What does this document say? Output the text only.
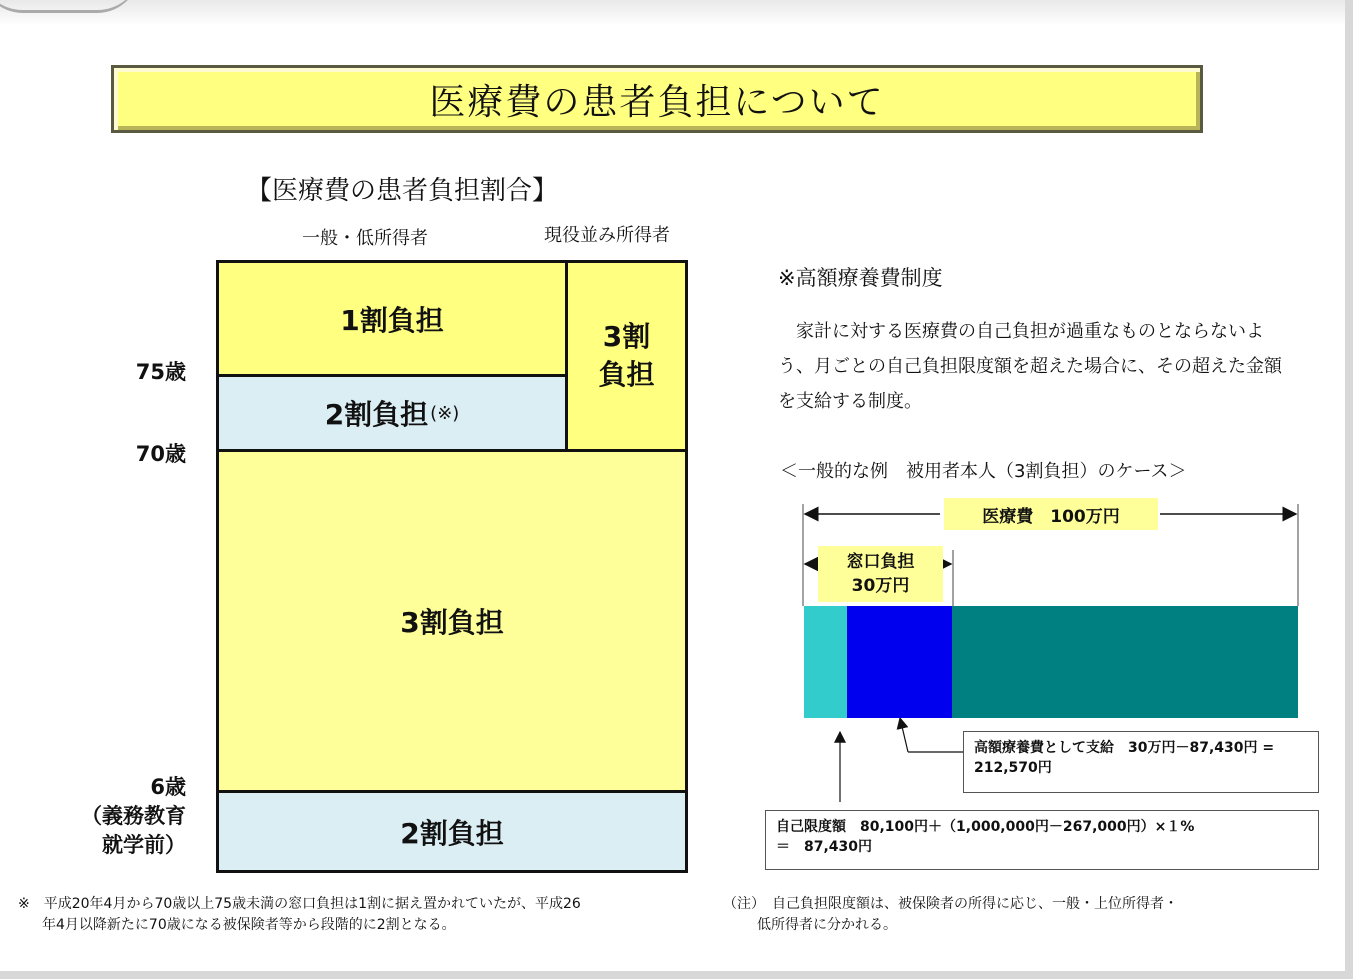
医療費の患者負担について
【医療費の患者負担割合】
一般・低所得者	現役並み所得者
1割負担
2割負担 (※)
3割
負担
3割負担
2割負担
75歳
70歳
6歳
（義務教育
就学前）
※高額療養費制度
家計に対する医療費の自己負担が過重なものとならないよう、月ごとの自己負担限度額を超えた場合に、その超えた金額を支給する制度。
＜一般的な例　被用者本人（3割負担）のケース＞
医療費　100万円
窓口負担
30万円
高額療養費として支給　30万円－87,430円 =
212,570円
自己限度額　80,100円＋（1,000,000円－267,000円）×１%
＝　87,430円
※　平成20年4月から70歳以上75歳未満の窓口負担は1割に据え置かれていたが、平成26
年4月以降新たに70歳になる被保険者等から段階的に2割となる。
（注）　自己負担限度額は、被保険者の所得に応じ、一般・上位所得者・
低所得者に分かれる。
